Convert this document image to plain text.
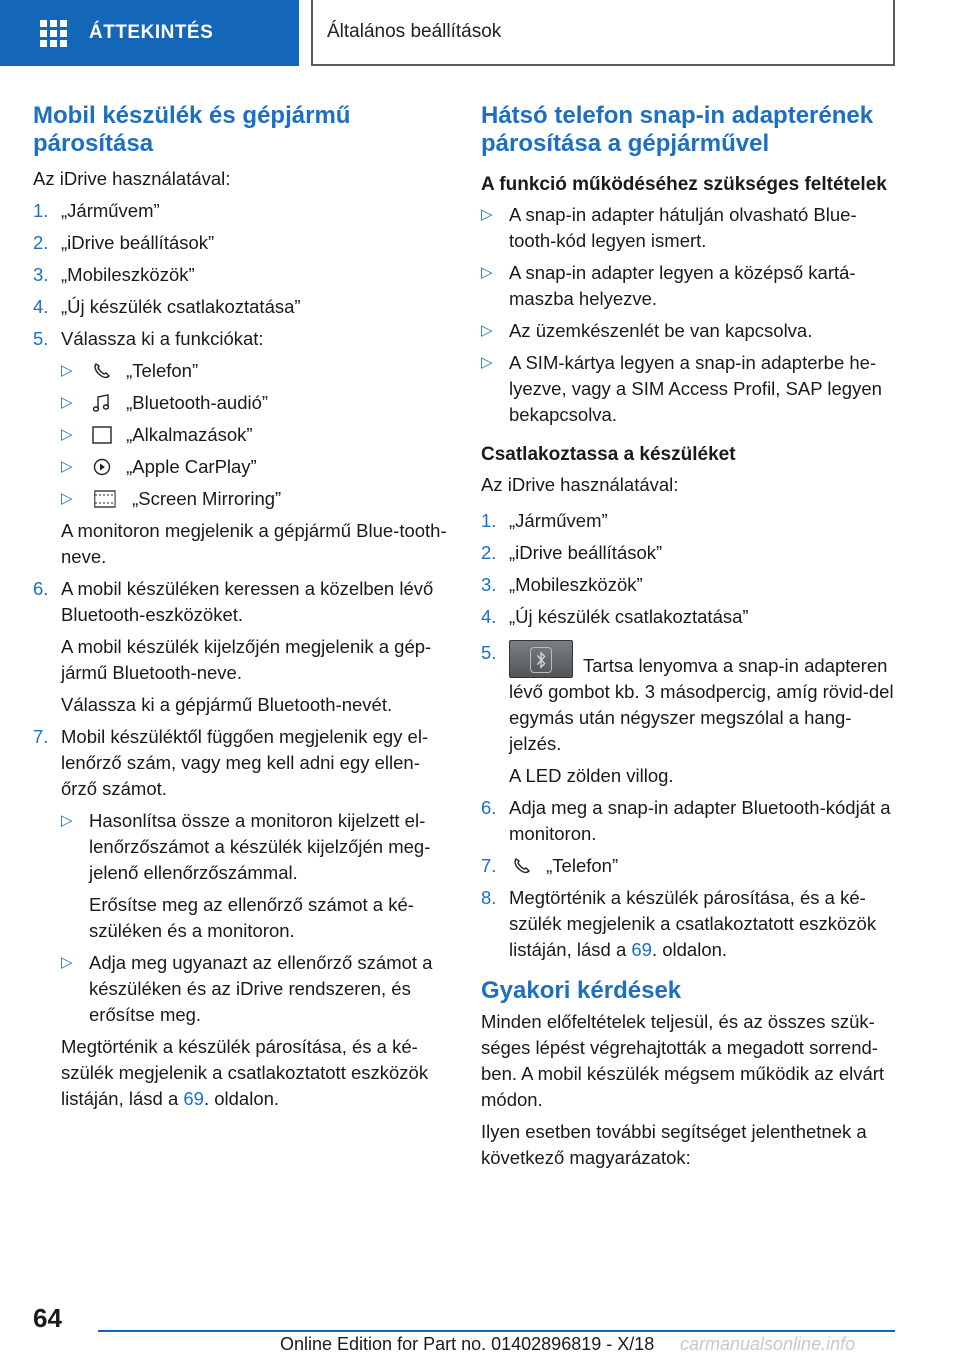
ÁTTEKINTÉS	Általános beállítások
Mobil készülék és gépjármű párosítása

Az iDrive használatával:

1. „Járművem”
2. „iDrive beállítások”
3. „Mobileszközök”
4. „Új készülék csatlakoztatása”
5. Válassza ki a funkciókat:

▷	„Telefon”
▷	„Bluetooth-audió”
▷	„Alkalmazások”
▷	„Apple CarPlay”
▷	„Screen Mirroring”

A monitoron megjelenik a gépjármű Blue-tooth-neve.

6. A mobil készüléken keressen a közelben lévő Bluetooth-eszközöket.

A mobil készülék kijelzőjén megjelenik a gép-jármű Bluetooth-neve.

Válassza ki a gépjármű Bluetooth-nevét.

7. Mobil készüléktől függően megjelenik egy el-lenőrző szám, vagy meg kell adni egy ellen-őrző számot.

▷ Hasonlítsa össze a monitoron kijelzett el-lenőrzőszámot a készülék kijelzőjén meg-jelenő ellenőrzőszámmal.

Erősítse meg az ellenőrző számot a ké-szüléken és a monitoron.

▷ Adja meg ugyanazt az ellenőrző számot a készüléken és az iDrive rendszeren, és erősítse meg.

Megtörténik a készülék párosítása, és a ké-szülék megjelenik a csatlakoztatott eszközök listáján, lásd a 69. oldalon.

Hátsó telefon snap-in adapterének párosítása a gépjárművel
A funkció működéséhez szükséges feltételek
▷ A snap-in adapter hátulján olvasható Blue-tooth-kód legyen ismert.
▷ A snap-in adapter legyen a középső kartá-maszba helyezve.
▷ Az üzemkészenlét be van kapcsolva.
▷ A SIM-kártya legyen a snap-in adapterbe he-lyezve, vagy a SIM Access Profil, SAP legyen bekapcsolva.
Csatlakoztassa a készüléket

Az iDrive használatával:

1. „Járművem”
2. „iDrive beállítások”
3. „Mobileszközök”
4. „Új készülék csatlakoztatása”
5.

Tartsa lenyomva a snap-in adapteren lévő gombot kb. 3 másodpercig, amíg rövid-del egymás után négyszer megszólal a hang-jelzés.

A LED zölden villog.

6. Adja meg a snap-in adapter Bluetooth-kódját a monitoron.
7.	„Telefon”
8. Megtörténik a készülék párosítása, és a ké-szülék megjelenik a csatlakoztatott eszközök listáján, lásd a 69. oldalon.
Gyakori kérdések

Minden előfeltételek teljesül, és az összes szük-séges lépést végrehajtották a megadott sorrend-ben. A mobil készülék mégsem működik az elvárt módon.

Ilyen esetben további segítséget jelenthetnek a következő magyarázatok:

64
Online Edition for Part no. 01402896819 - X/18 carmanualsonline.info
